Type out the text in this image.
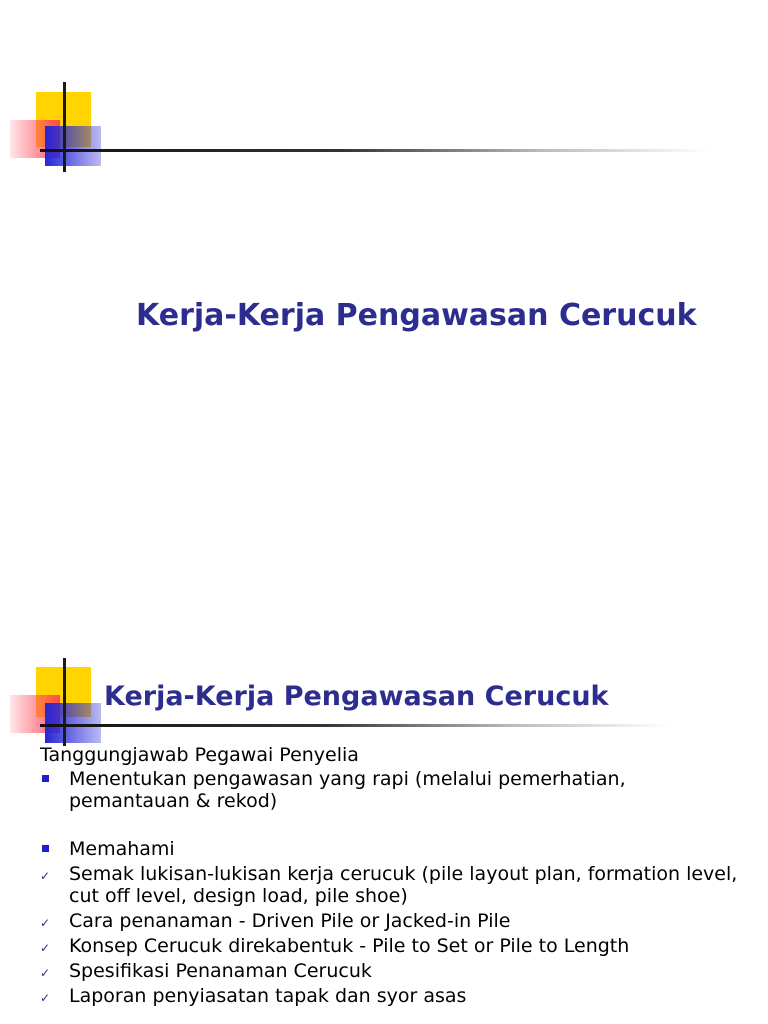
Kerja-Kerja Pengawasan Cerucuk
Kerja-Kerja Pengawasan Cerucuk
Tanggungjawab Pegawai Penyelia
Menentukan pengawasan yang rapi (melalui pemerhatian, pemantauan & rekod)
Memahami
✓ Semak lukisan-lukisan kerja cerucuk (pile layout plan, formation level, cut off level, design load, pile shoe)
✓ Cara penanaman - Driven Pile or Jacked-in Pile
✓ Konsep Cerucuk direkabentuk - Pile to Set or Pile to Length
✓ Spesifikasi Penanaman Cerucuk
✓ Laporan penyiasatan tapak dan syor asas
